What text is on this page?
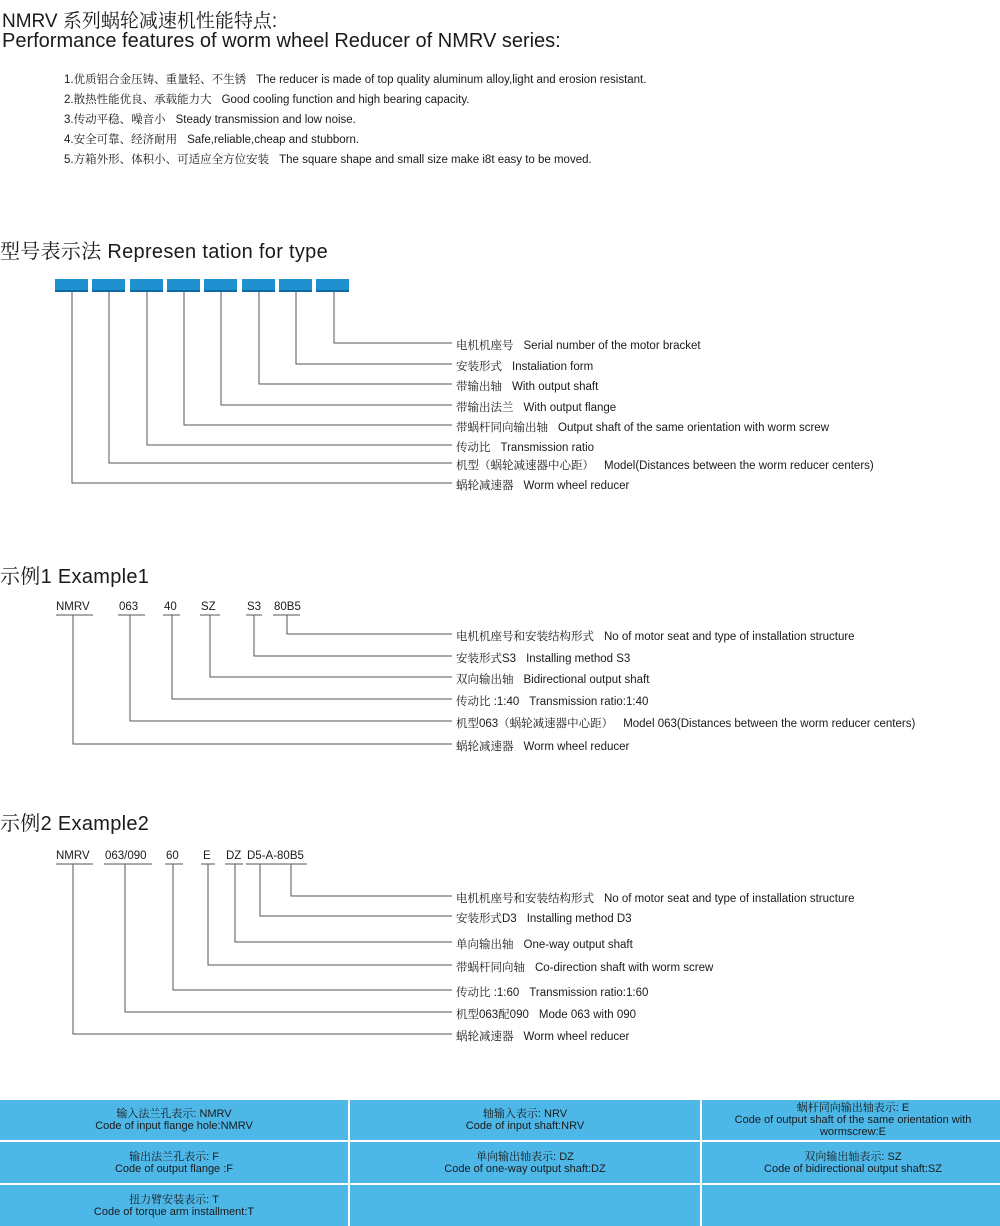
NMRV 系列蜗轮减速机性能特点:
Performance features of worm wheel Reducer of NMRV series:
1.优质铝合金压铸、重量轻、不生锈 The reducer is made of top quality aluminum alloy,light and erosion resistant.
2.散热性能优良、承载能力大 Good cooling function and high bearing capacity.
3.传动平稳、噪音小 Steady transmission and low noise.
4.安全可靠、经济耐用 Safe,reliable,cheap and stubborn.
5.方箱外形、体积小、可适应全方位安装 The square shape and small size make i8t easy to be moved.
型号表示法 Represen tation for type
电机机座号 Serial number of the motor bracket
安装形式 Instaliation form
带输出轴 With output shaft
带输出法兰 With output flange
带蜗杆同向输出轴 Output shaft of the same orientation with worm screw
传动比 Transmission ratio
机型（蜗轮减速器中心距） Model(Distances between the worm reducer centers)
蜗轮减速器 Worm wheel reducer
示例1 Example1
NMRV	063 40 SZ	S3 80B5
电机机座号和安装结构形式 No of motor seat and type of installation structure
安装形式S3 Installing method S3
双向输出轴 Bidirectional output shaft
传动比 :1:40 Transmission ratio:1:40
机型063（蜗轮减速器中心距） Model 063(Distances between the worm reducer centers)
蜗轮减速器 Worm wheel reducer
示例2 Example2
NMRV 063/090 60 E DZ D5-A-80B5
电机机座号和安装结构形式 No of motor seat and type of installation structure
安装形式D3 Installing method D3
单向输出轴 One-way output shaft
带蜗杆同向轴 Co-direction shaft with worm screw
传动比 :1:60 Transmission ratio:1:60
机型063配090 Mode 063 with 090
蜗轮减速器 Worm wheel reducer
输入法兰孔表示: NMRV
Code of input flange hole:NMRV
轴输入表示: NRV
Code of input shaft:NRV
蜗杆同向输出轴表示: E
Code of output shaft of the same orientation with wormscrew:E
输出法兰孔表示: F
Code of output flange :F
单向输出轴表示: DZ
Code of one-way output shaft:DZ
双向输出轴表示: SZ
Code of bidirectional output shaft:SZ
扭力臂安装表示: T
Code of torque arm installment:T
